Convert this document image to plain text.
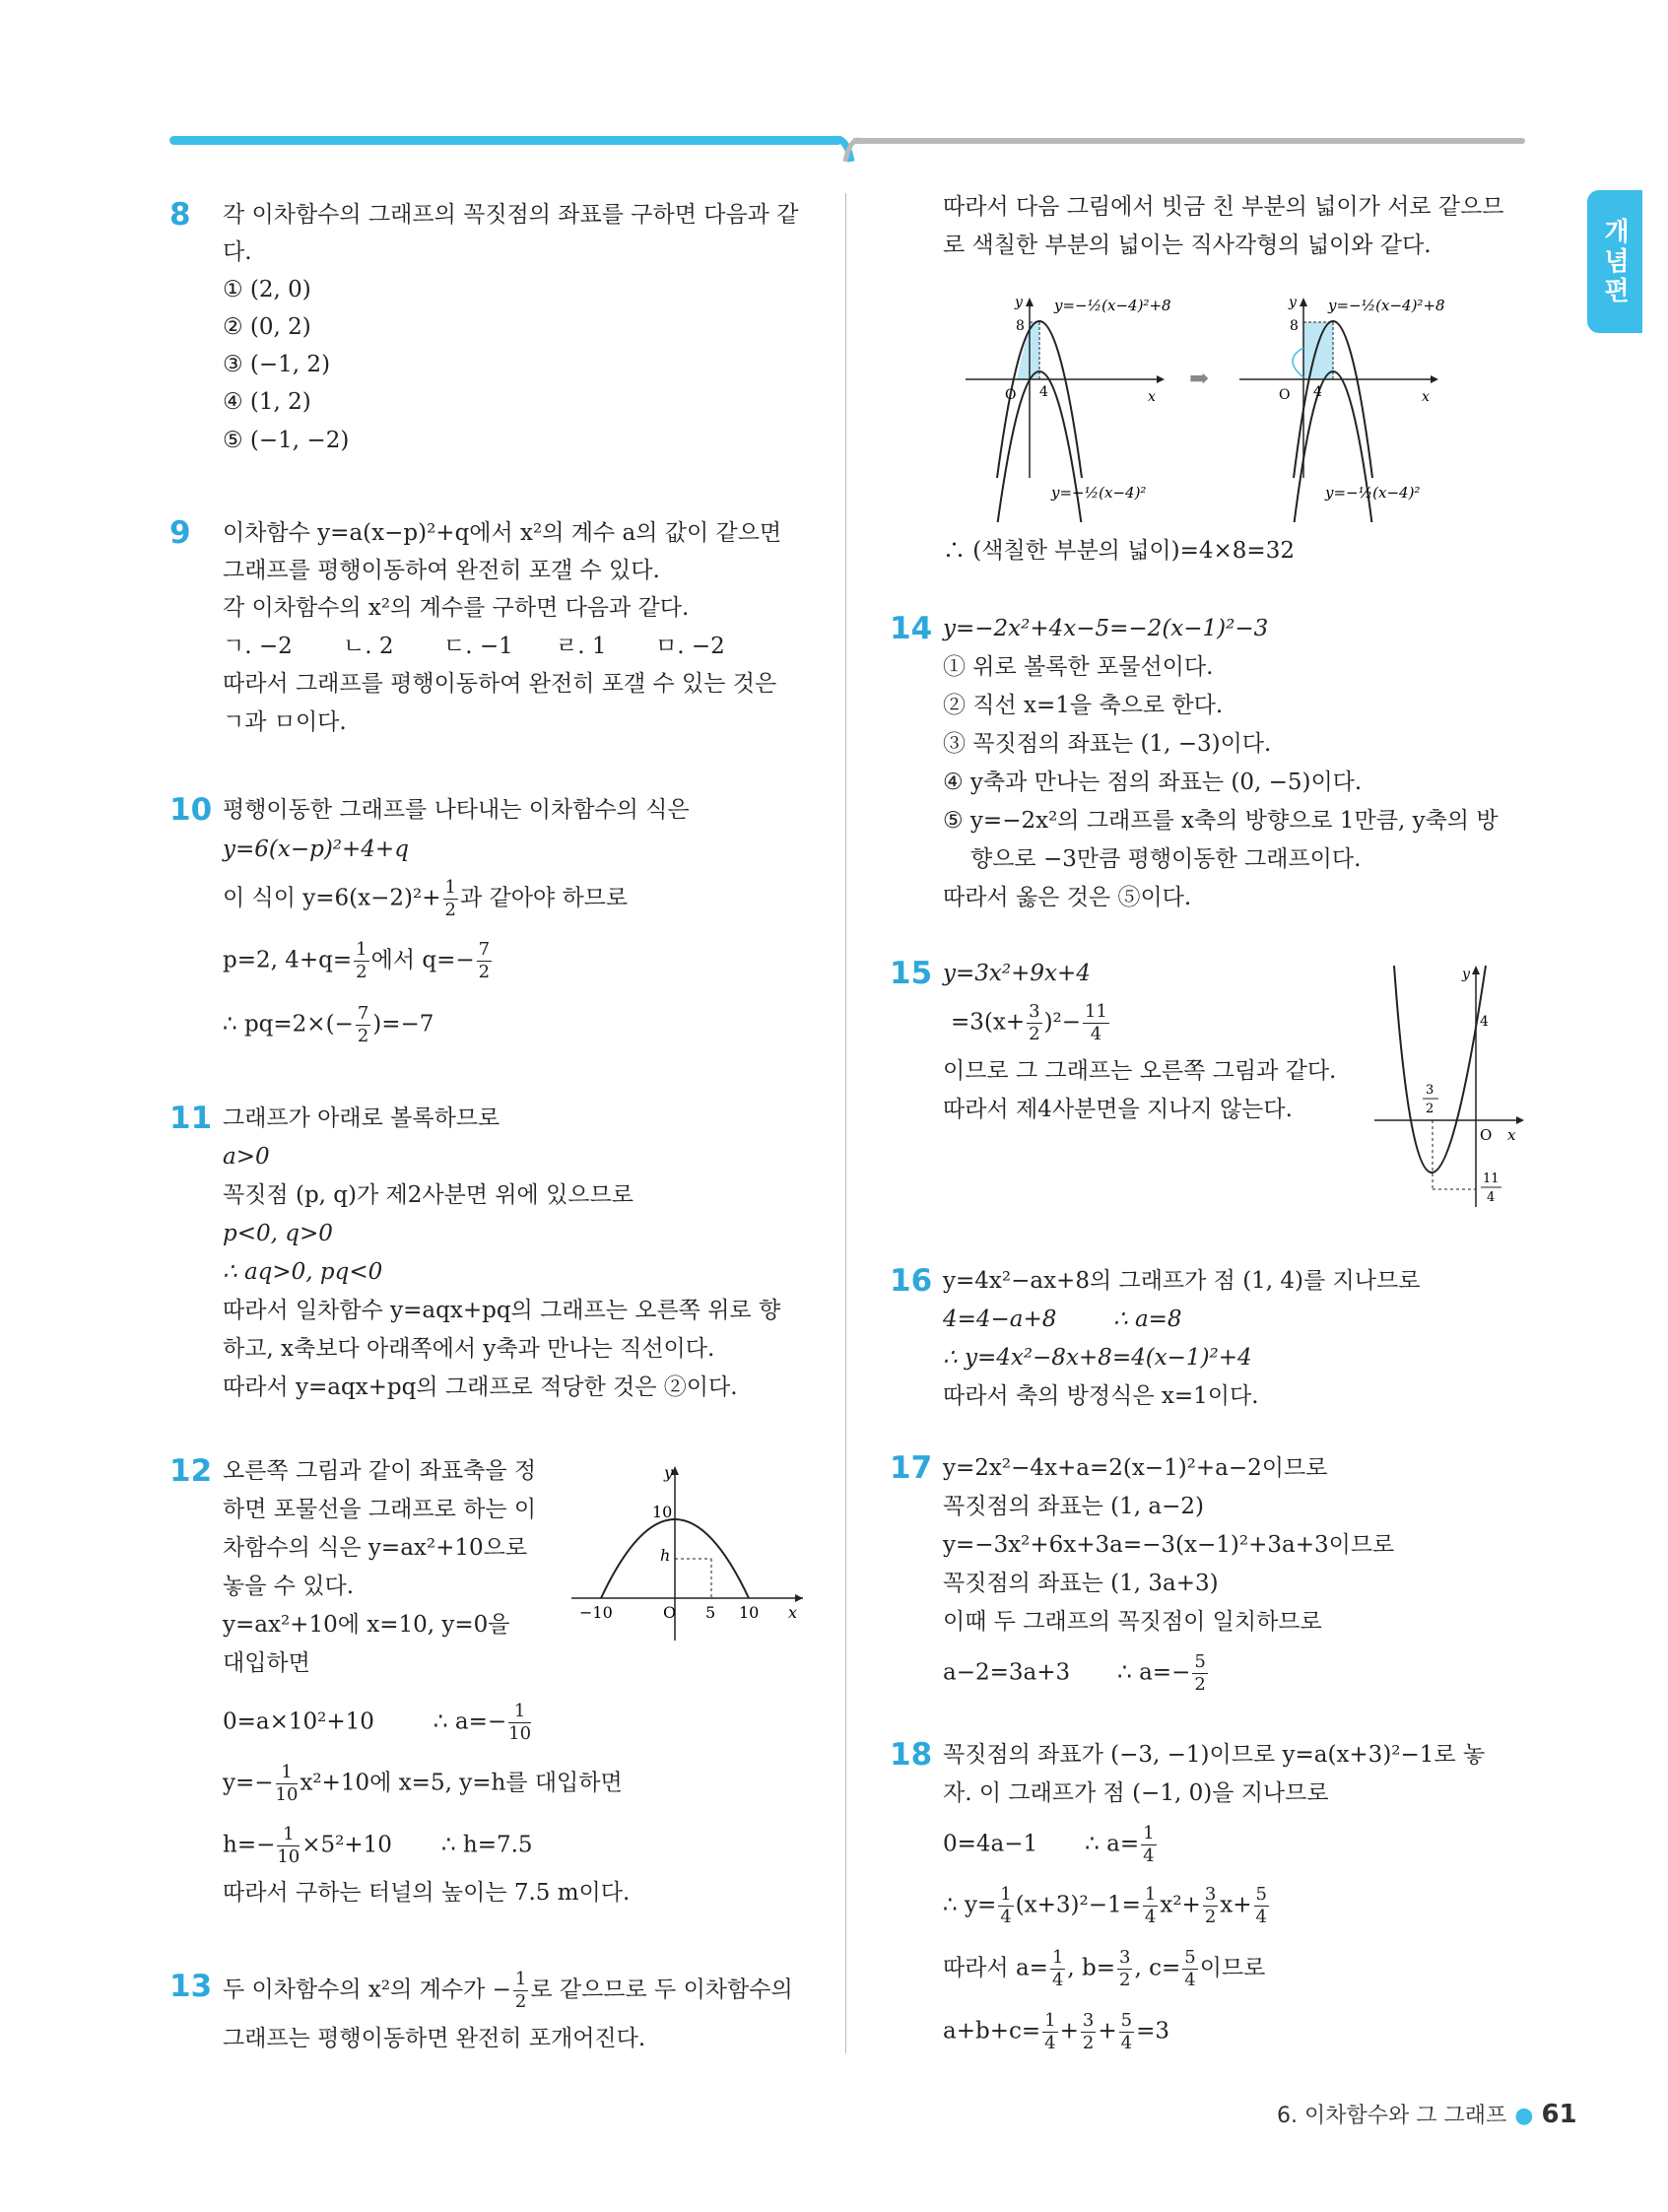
개념편
8 각 이차함수의 그래프의 꼭짓점의 좌표를 구하면 다음과 같
다.
① (2, 0)
② (0, 2)
③ (−1, 2)
④ (1, 2)
⑤ (−1, −2)
9 이차함수 y=a(x−p)²+q에서 x²의 계수 a의 값이 같으면
그래프를 평행이동하여 완전히 포갤 수 있다.
각 이차함수의 x²의 계수를 구하면 다음과 같다.
ㄱ. −2 ㄴ. 2 ㄷ. −1 ㄹ. 1 ㅁ. −2
따라서 그래프를 평행이동하여 완전히 포갤 수 있는 것은
ㄱ과 ㅁ이다.
10 평행이동한 그래프를 나타내는 이차함수의 식은
y=6(x−p)²+4+q
이 식이 $y=6(x-2)^2+ \frac{1}{2}$ 과 같아야 하므로
p=2, $4+q= \frac{1}{2}$ 에서 $q=- \frac{7}{2}$
∴ $pq=2\times(- \frac{7}{2} )=-7$
11 그래프가 아래로 볼록하므로
a>0
꼭짓점 (p, q)가 제2사분면 위에 있으므로
p<0, q>0
∴ aq>0, pq<0
따라서 일차함수 y=aqx+pq의 그래프는 오른쪽 위로 향
하고, x축보다 아래쪽에서 y축과 만나는 직선이다.
따라서 y=aqx+pq의 그래프로 적당한 것은 ②이다.
12 오른쪽 그림과 같이 좌표축을 정
하면 포물선을 그래프로 하는 이
차함수의 식은 y=ax²+10으로
놓을 수 있다.
y=ax²+10에 x=10, y=0을
대입하면
0=a×10²+10	∴ $a=- \frac{1}{10}$
$y=- \frac{1}{10} x^2+10$에 x=5, y=h를 대입하면
$h=- \frac{1}{10} \times 5^2+10$ ∴ h=7.5
따라서 구하는 터널의 높이는 7.5 m이다.
y
10
h
−10	O 5 10 x
13 두 이차함수의 x²의 계수가 − $\frac{1}{2}$ 로 같으므로 두 이차함수의
그래프는 평행이동하면 완전히 포개어진다.
따라서 다음 그림에서 빗금 친 부분의 넓이가 서로 같으므
로 색칠한 부분의 넓이는 직사각형의 넓이와 같다.
y
8
O 4	x
y=−½(x−4)²+8
y=−½(x−4)²
➡
y
8
O 4	x
y=−½(x−4)²+8
y=−½(x−4)²
∴ (색칠한 부분의 넓이)=4×8=32
14 y=−2x²+4x−5=−2(x−1)²−3
① 위로 볼록한 포물선이다.
② 직선 x=1을 축으로 한다.
③ 꼭짓점의 좌표는 (1, −3)이다.
④ y축과 만나는 점의 좌표는 (0, −5)이다.
⑤ y=−2x²의 그래프를 x축의 방향으로 1만큼, y축의 방
향으로 −3만큼 평행이동한 그래프이다.
따라서 옳은 것은 ⑤이다.
15 y=3x²+9x+4
$=3(x+ \frac{3}{2} )^2- \frac{11}{4}$
이므로 그 그래프는 오른쪽 그림과 같다.
따라서 제4사분면을 지나지 않는다.
y
4
O x
3
2
11
4
16 y=4x²−ax+8의 그래프가 점 (1, 4)를 지나므로
4=4−a+8	∴ a=8
∴ y=4x²−8x+8=4(x−1)²+4
따라서 축의 방정식은 x=1이다.
17 y=2x²−4x+a=2(x−1)²+a−2이므로
꼭짓점의 좌표는 (1, a−2)
y=−3x²+6x+3a=−3(x−1)²+3a+3이므로
꼭짓점의 좌표는 (1, 3a+3)
이때 두 그래프의 꼭짓점이 일치하므로
a−2=3a+3 ∴ $a=- \frac{5}{2}$
18 꼭짓점의 좌표가 (−3, −1)이므로 y=a(x+3)²−1로 놓
자. 이 그래프가 점 (−1, 0)을 지나므로
0=4a−1 ∴ $a= \frac{1}{4}$
∴ $y= \frac{1}{4} (x+3)^2-1= \frac{1}{4} x^2+ \frac{3}{2} x+ \frac{5}{4}$
따라서 $a= \frac{1}{4}$ , $b= \frac{3}{2}$ , $c= \frac{5}{4}$ 이므로
$a+b+c= \frac{1}{4} + \frac{3}{2} + \frac{5}{4} =3$
6. 이차함수와 그 그래프 ● 61
